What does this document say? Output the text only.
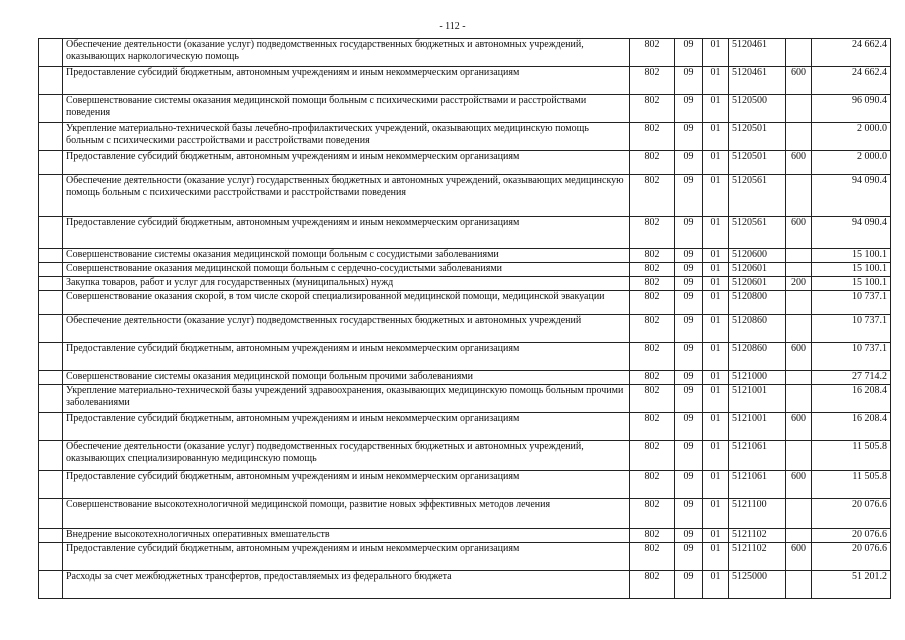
- 112 -
	Обеспечение деятельности (оказание услуг) подведомственных государственных бюджетных и автономных учреждений, оказывающих наркологическую помощь	802	09	01	5120461		24 662.4
	Предоставление субсидий бюджетным, автономным учреждениям и иным некоммерческим организациям	802	09	01	5120461	600	24 662.4
	Совершенствование системы оказания медицинской помощи больным с психическими расстройствами и расстройствами поведения	802	09	01	5120500		96 090.4
	Укрепление материально-технической базы лечебно-профилактических учреждений, оказывающих медицинскую помощь больным с психическими расстройствами и расстройствами поведения	802	09	01	5120501		2 000.0
	Предоставление субсидий бюджетным, автономным учреждениям и иным некоммерческим организациям	802	09	01	5120501	600	2 000.0
	Обеспечение деятельности (оказание услуг) государственных бюджетных и автономных учреждений, оказывающих медицинскую помощь больным с психическими расстройствами и расстройствами поведения	802	09	01	5120561		94 090.4
	Предоставление субсидий бюджетным, автономным учреждениям и иным некоммерческим организациям	802	09	01	5120561	600	94 090.4
	Совершенствование системы оказания медицинской помощи больным с сосудистыми заболеваниями	802	09	01	5120600		15 100.1
	Совершенствование оказания медицинской помощи больным с сердечно-сосудистыми заболеваниями	802	09	01	5120601		15 100.1
	Закупка товаров, работ и услуг для государственных (муниципальных) нужд	802	09	01	5120601	200	15 100.1
	Совершенствование оказания скорой, в том числе скорой специализированной медицинской помощи, медицинской эвакуации	802	09	01	5120800		10 737.1
	Обеспечение деятельности (оказание услуг) подведомственных государственных бюджетных и автономных учреждений	802	09	01	5120860		10 737.1
	Предоставление субсидий бюджетным, автономным учреждениям и иным некоммерческим организациям	802	09	01	5120860	600	10 737.1
	Совершенствование системы оказания медицинской помощи больным прочими заболеваниями	802	09	01	5121000		27 714.2
	Укрепление материально-технической базы учреждений здравоохранения, оказывающих медицинскую помощь больным прочими заболеваниями	802	09	01	5121001		16 208.4
	Предоставление субсидий бюджетным, автономным учреждениям и иным некоммерческим организациям	802	09	01	5121001	600	16 208.4
	Обеспечение деятельности (оказание услуг) подведомственных государственных бюджетных и автономных учреждений, оказывающих специализированную медицинскую помощь	802	09	01	5121061		11 505.8
	Предоставление субсидий бюджетным, автономным учреждениям и иным некоммерческим организациям	802	09	01	5121061	600	11 505.8
	Совершенствование высокотехнологичной медицинской помощи, развитие новых эффективных методов лечения	802	09	01	5121100		20 076.6
	Внедрение высокотехнологичных оперативных вмешательств	802	09	01	5121102		20 076.6
	Предоставление субсидий бюджетным, автономным учреждениям и иным некоммерческим организациям	802	09	01	5121102	600	20 076.6
	Расходы за счет межбюджетных трансфертов, предоставляемых из федерального бюджета	802	09	01	5125000		51 201.2
